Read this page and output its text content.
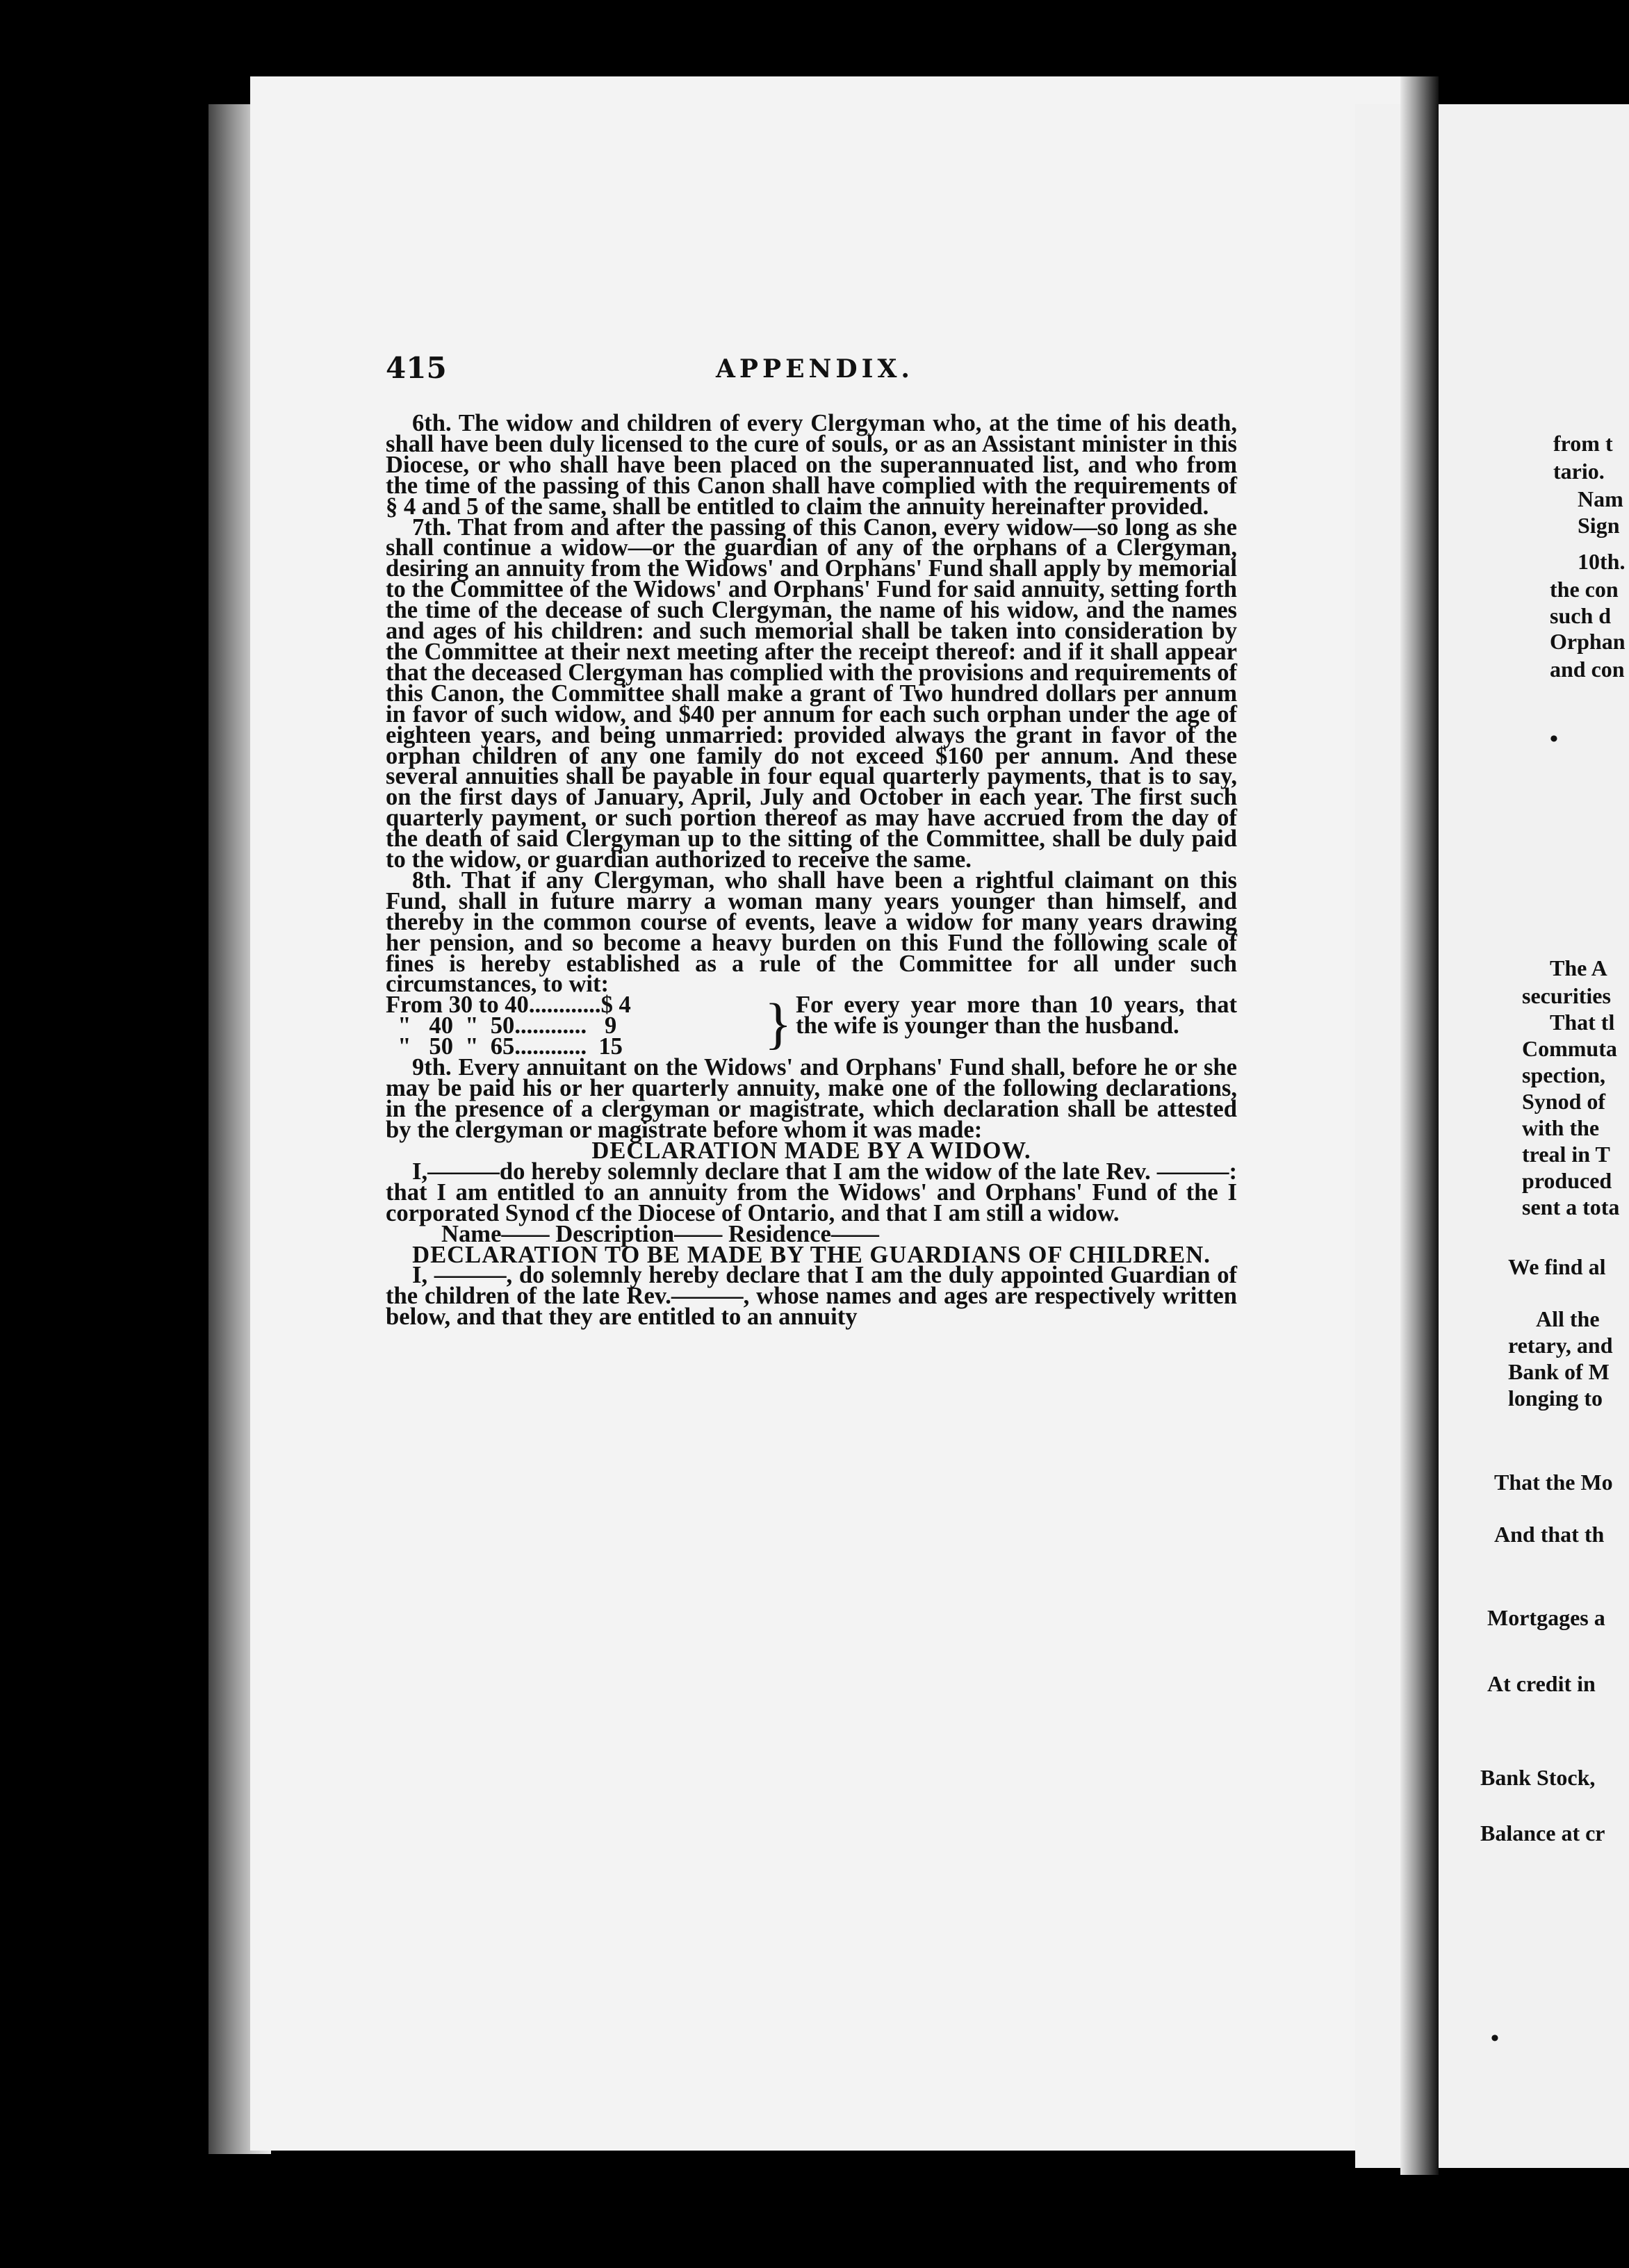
415	APPENDIX.

6th. The widow and children of every Clergyman who, at the time of his death, shall have been duly licensed to the cure of souls, or as an Assistant minister in this Diocese, or who shall have been placed on the superannuated list, and who from the time of the passing of this Canon shall have complied with the requirements of § 4 and 5 of the same, shall be entitled to claim the annuity hereinafter provided.

7th. That from and after the passing of this Canon, every widow—so long as she shall continue a widow—or the guardian of any of the orphans of a Clergyman, desiring an annuity from the Widows' and Orphans' Fund shall apply by memorial to the Committee of the Widows' and Orphans' Fund for said annuity, setting forth the time of the decease of such Clergyman, the name of his widow, and the names and ages of his children: and such memorial shall be taken into consideration by the Committee at their next meeting after the receipt thereof: and if it shall appear that the deceased Clergyman has complied with the provisions and requirements of this Canon, the Committee shall make a grant of Two hundred dollars per annum in favor of such widow, and $40 per annum for each such orphan under the age of eighteen years, and being unmarried: provided always the grant in favor of the orphan children of any one family do not exceed $160 per annum. And these several annuities shall be payable in four equal quarterly payments, that is to say, on the first days of January, April, July and October in each year. The first such quarterly payment, or such portion thereof as may have accrued from the day of the death of said Clergyman up to the sitting of the Committee, shall be duly paid to the widow, or guardian authorized to receive the same.

8th. That if any Clergyman, who shall have been a rightful claimant on this Fund, shall in future marry a woman many years younger than himself, and thereby in the common course of events, leave a widow for many years drawing her pension, and so become a heavy burden on this Fund the following scale of fines is hereby established as a rule of the Committee for all under such circumstances, to wit:

From 30 to 40............$ 4
"   40  "  50............   9
"   50  "  65............  15	} For every year more than 10 years, that the wife is younger than the husband.

9th. Every annuitant on the Widows' and Orphans' Fund shall, before he or she may be paid his or her quarterly annuity, make one of the following declarations, in the presence of a clergyman or magistrate, which declaration shall be attested by the clergyman or magistrate before whom it was made:

DECLARATION MADE BY A WIDOW.

I,———do hereby solemnly declare that I am the widow of the late Rev. ———: that I am entitled to an annuity from the Widows' and Orphans' Fund of the I corporated Synod cf the Diocese of Ontario, and that I am still a widow.

Name—— Description—— Residence——

DECLARATION TO BE MADE BY THE GUARDIANS OF CHILDREN.

I, ———, do solemnly hereby declare that I am the duly appointed Guardian of the children of the late Rev.———, whose names and ages are respectively written below, and that they are entitled to an annuity

from t
tario.
Nam
Sign
10th.
the con
such d
Orphan
and con
The A
securities
That tl
Commuta
spection,
Synod of
with the
treal in T
produced
sent a tota
We find al
All the
retary, and
Bank of M
longing to
That the Mo
And that th
Mortgages a
At credit in
Bank Stock,
Balance at cr
•
•
